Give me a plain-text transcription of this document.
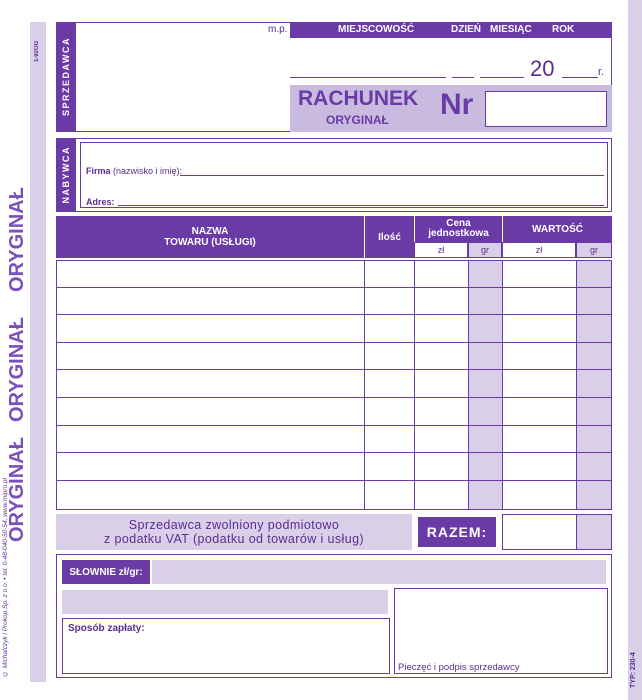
ORYGINAŁ
ORYGINAŁ
ORYGINAŁ
© Michalczyk i Prokop Sp. z o.o. • tel. 0-48-040-50-54, www.mipro.pl
1-92OG
TYP: 230-4
SPRZEDAWCA
m.p.	MIEJSCOWOŚĆ	DZIEŃ MIESIĄC ROK
20	r.
RACHUNEK
ORYGINAŁ Nr
NABYWCA Firma (nazwisko i imię):
Adres:
NAZWA
TOWARU (USŁUGI)	Ilość
Cena
jednostkowa	WARTOŚĆ
zł	gr	zł	gr
Sprzedawca zwolniony podmiotowo
z podatku VAT (podatku od towarów i usług)	RAZEM:
SŁOWNIE zł/gr:
Sposób zapłaty:
Pieczęć i podpis sprzedawcy
